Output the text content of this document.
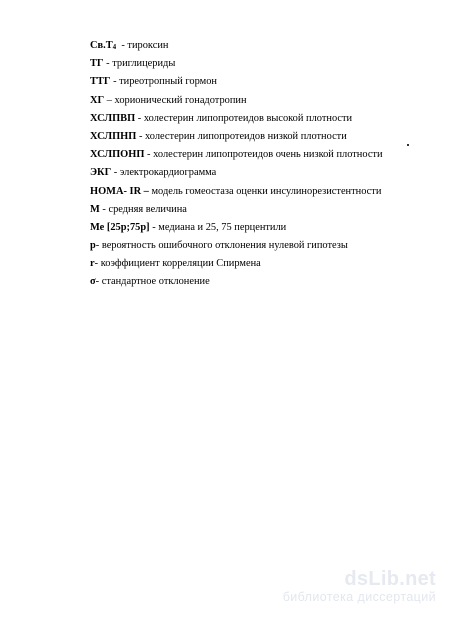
$Св.Т_4$  - тироксин
ТГ - триглицериды
ТТГ - тиреотропный гормон
ХГ – хорионический гонадотропин
ХСЛПВП - холестерин липопротеидов высокой плотности
ХСЛПНП - холестерин липопротеидов низкой плотности
ХСЛПОНП - холестерин липопротеидов очень низкой плотности
ЭКГ - электрокардиограмма
НОМА- IR – модель гомеостаза оценки инсулинорезистентности
М - средняя величина
Ме [25р;75р] - медиана и 25, 75 перцентили
р- вероятность ошибочного отклонения нулевой гипотезы
r- коэффициент корреляции Спирмена
σ- стандартное отклонение
dsLib.net
библиотека диссертаций
